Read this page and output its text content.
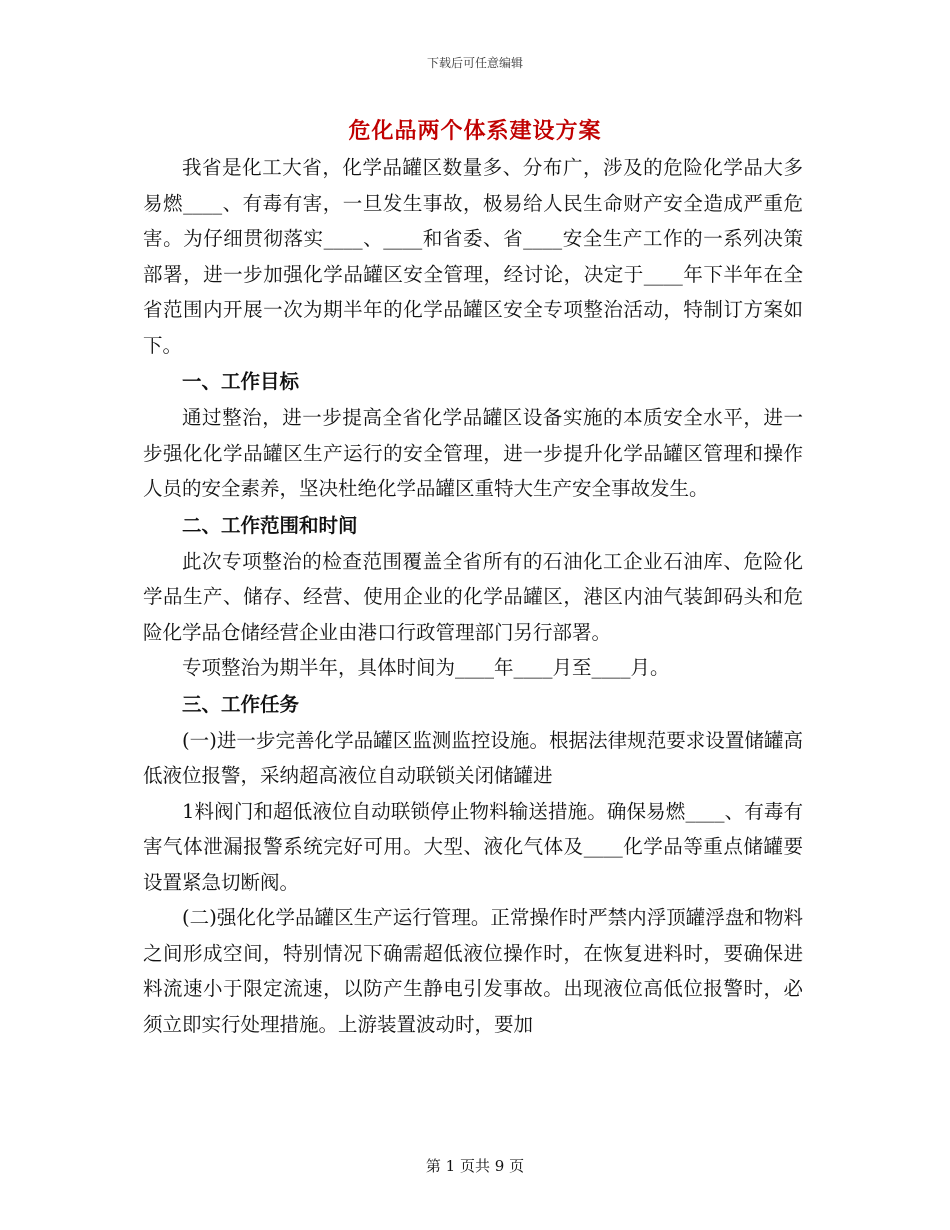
下载后可任意编辑
危化品两个体系建设方案

我省是化工大省，化学品罐区数量多、分布广，涉及的危险化学品大多易燃____、有毒有害，一旦发生事故，极易给人民生命财产安全造成严重危害。为仔细贯彻落实____、____和省委、省____安全生产工作的一系列决策部署，进一步加强化学品罐区安全管理，经讨论，决定于____年下半年在全省范围内开展一次为期半年的化学品罐区安全专项整治活动，特制订方案如下。

一、工作目标

通过整治，进一步提高全省化学品罐区设备实施的本质安全水平，进一步强化化学品罐区生产运行的安全管理，进一步提升化学品罐区管理和操作人员的安全素养，坚决杜绝化学品罐区重特大生产安全事故发生。

二、工作范围和时间

此次专项整治的检查范围覆盖全省所有的石油化工企业石油库、危险化学品生产、储存、经营、使用企业的化学品罐区，港区内油气装卸码头和危险化学品仓储经营企业由港口行政管理部门另行部署。

专项整治为期半年，具体时间为____年____月至____月。

三、工作任务

(一)进一步完善化学品罐区监测监控设施。根据法律规范要求设置储罐高低液位报警，采纳超高液位自动联锁关闭储罐进

1料阀门和超低液位自动联锁停止物料输送措施。确保易燃____、有毒有害气体泄漏报警系统完好可用。大型、液化气体及____化学品等重点储罐要设置紧急切断阀。

(二)强化化学品罐区生产运行管理。正常操作时严禁内浮顶罐浮盘和物料之间形成空间，特别情况下确需超低液位操作时，在恢复进料时，要确保进料流速小于限定流速，以防产生静电引发事故。出现液位高低位报警时，必须立即实行处理措施。上游装置波动时，要加

第 1 页共 9 页
